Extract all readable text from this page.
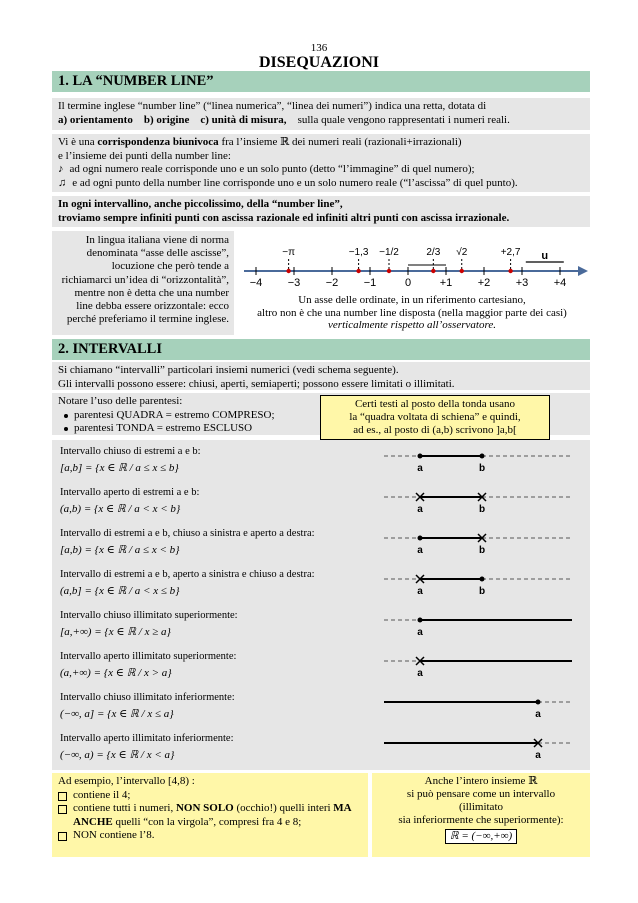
136
DISEQUAZIONI
1. LA “NUMBER LINE”
Il termine inglese “number line” (“linea numerica”, “linea dei numeri”) indica una retta, dotata di
a) orientamento b) origine c) unità di misura, sulla quale vengono rappresentati i numeri reali.
Vi è una corrispondenza biunivoca fra l’insieme ℝ dei numeri reali (razionali+irrazionali)
e l’insieme dei punti della number line:
♪ ad ogni numero reale corrisponde uno e un solo punto (detto “l’immagine” di quel numero);
♫ e ad ogni punto della number line corrisponde uno e un solo numero reale (“l’ascissa” di quel punto).
In ogni intervallino, anche piccolissimo, della “number line”,
troviamo sempre infiniti punti con ascissa razionale ed infiniti altri punti con ascissa irrazionale.
In lingua italiana viene di norma denominata “asse delle ascisse”, locuzione che però tende a richiamarci un’idea di “orizzontalità”, mentre non è detta che una number line debba essere orizzontale: ecco perché preferiamo il termine inglese.
−4 −3 −2 −1	0	+1 +2 +3 +4
−π	−1,3 −1/2	2/3 √2	+2,7 u
Un asse delle ordinate, in un riferimento cartesiano,
altro non è che una number line disposta (nella maggior parte dei casi)
verticalmente rispetto all’osservatore.
2. INTERVALLI
Si chiamano “intervalli” particolari insiemi numerici (vedi schema seguente).
Gli intervalli possono essere: chiusi, aperti, semiaperti; possono essere limitati o illimitati.
Notare l’uso delle parentesi:
parentesi QUADRA = estremo COMPRESO;
parentesi TONDA = estremo ESCLUSO
Certi testi al posto della tonda usano
la “quadra voltata di schiena” e quindi,
ad es., al posto di (a,b) scrivono ]a,b[
Intervallo chiuso di estremi a e b:
[a,b] = {x ∈ ℝ / a ≤ x ≤ b}	a	b
Intervallo aperto di estremi a e b:
(a,b) = {x ∈ ℝ / a < x < b}	a	b
Intervallo di estremi a e b, chiuso a sinistra e aperto a destra:
[a,b) = {x ∈ ℝ / a ≤ x < b}	a	b
Intervallo di estremi a e b, aperto a sinistra e chiuso a destra:
(a,b] = {x ∈ ℝ / a < x ≤ b}	a	b
Intervallo chiuso illimitato superiormente:
[a,+∞) = {x ∈ ℝ / x ≥ a}	a
Intervallo aperto illimitato superiormente:
(a,+∞) = {x ∈ ℝ / x > a}	a
Intervallo chiuso illimitato inferiormente:
(−∞, a] = {x ∈ ℝ / x ≤ a}	a
Intervallo aperto illimitato inferiormente:
(−∞, a) = {x ∈ ℝ / x < a}	a
Ad esempio, l’intervallo [4,8) :
contiene il 4;
contiene tutti i numeri, NON SOLO (occhio!) quelli interi MA ANCHE quelli “con la virgola”, compresi fra 4 e 8;
NON contiene l’8.
Anche l’intero insieme ℝ
si può pensare come un intervallo
(illimitato
sia inferiormente che superiormente):
ℝ = (−∞,+∞)
